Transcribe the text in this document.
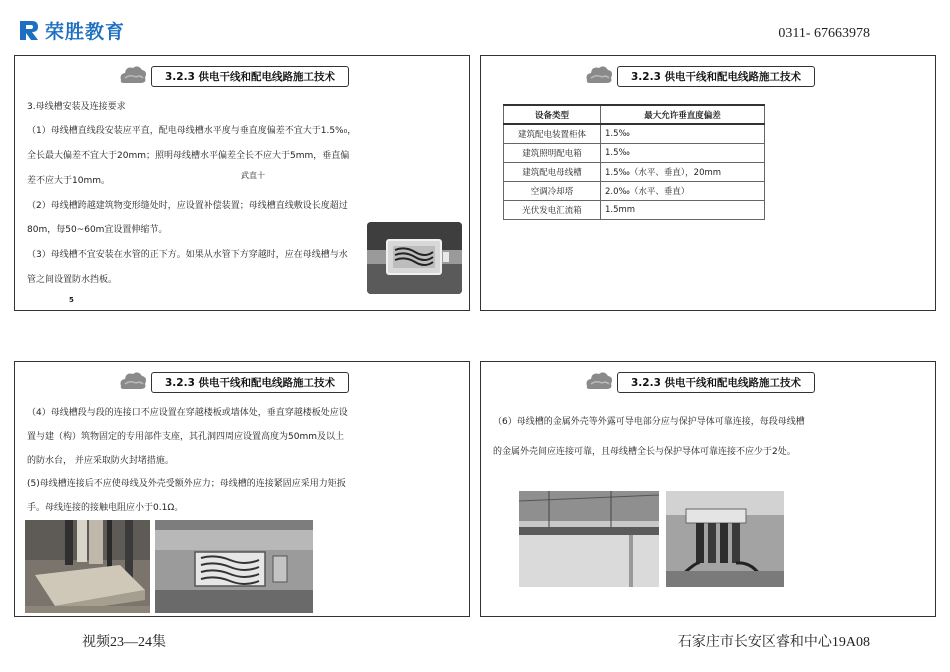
荣胜教育	0311- 67663978
3.2.3 供电干线和配电线路施工技术
3.母线槽安装及连接要求
（1）母线槽直线段安装应平直，配电母线槽水平度与垂直度偏差不宜大于1.5%₀，
全长最大偏差不宜大于20mm；照明母线槽水平偏差全长不应大于5mm，垂直偏
差不应大于10mm。
武直十
（2）母线槽跨越建筑物变形缝处时，应设置补偿装置；母线槽直线敷设长度超过
80m，每50~60m宜设置伸缩节。
（3）母线槽不宜安装在水管的正下方。如果从水管下方穿越时，应在母线槽与水
管之间设置防水挡板。
5
3.2.3 供电干线和配电线路施工技术
设备类型	最大允许垂直度偏差
建筑配电装置柜体	1.5‰
建筑照明配电箱	1.5‰
建筑配电母线槽	1.5‰（水平、垂直），20mm
空调冷却塔	2.0‰（水平、垂直）
光伏发电汇流箱	1.5mm
3.2.3 供电干线和配电线路施工技术
（4）母线槽段与段的连接口不应设置在穿越楼板或墙体处，垂直穿越楼板处应设
置与建（构）筑物固定的专用部件支座，其孔洞四周应设置高度为50mm及以上
的防水台， 并应采取防火封堵措施。
(5)母线槽连接后不应使母线及外壳受额外应力；母线槽的连接紧固应采用力矩扳
手。母线连接的接触电阻应小于0.1Ω。
3.2.3 供电干线和配电线路施工技术
（6）母线槽的金属外壳等外露可导电部分应与保护导体可靠连接，每段母线槽
的金属外壳间应连接可靠，且母线槽全长与保护导体可靠连接不应少于2处。
视频23—24集	石家庄市长安区睿和中心19A08
